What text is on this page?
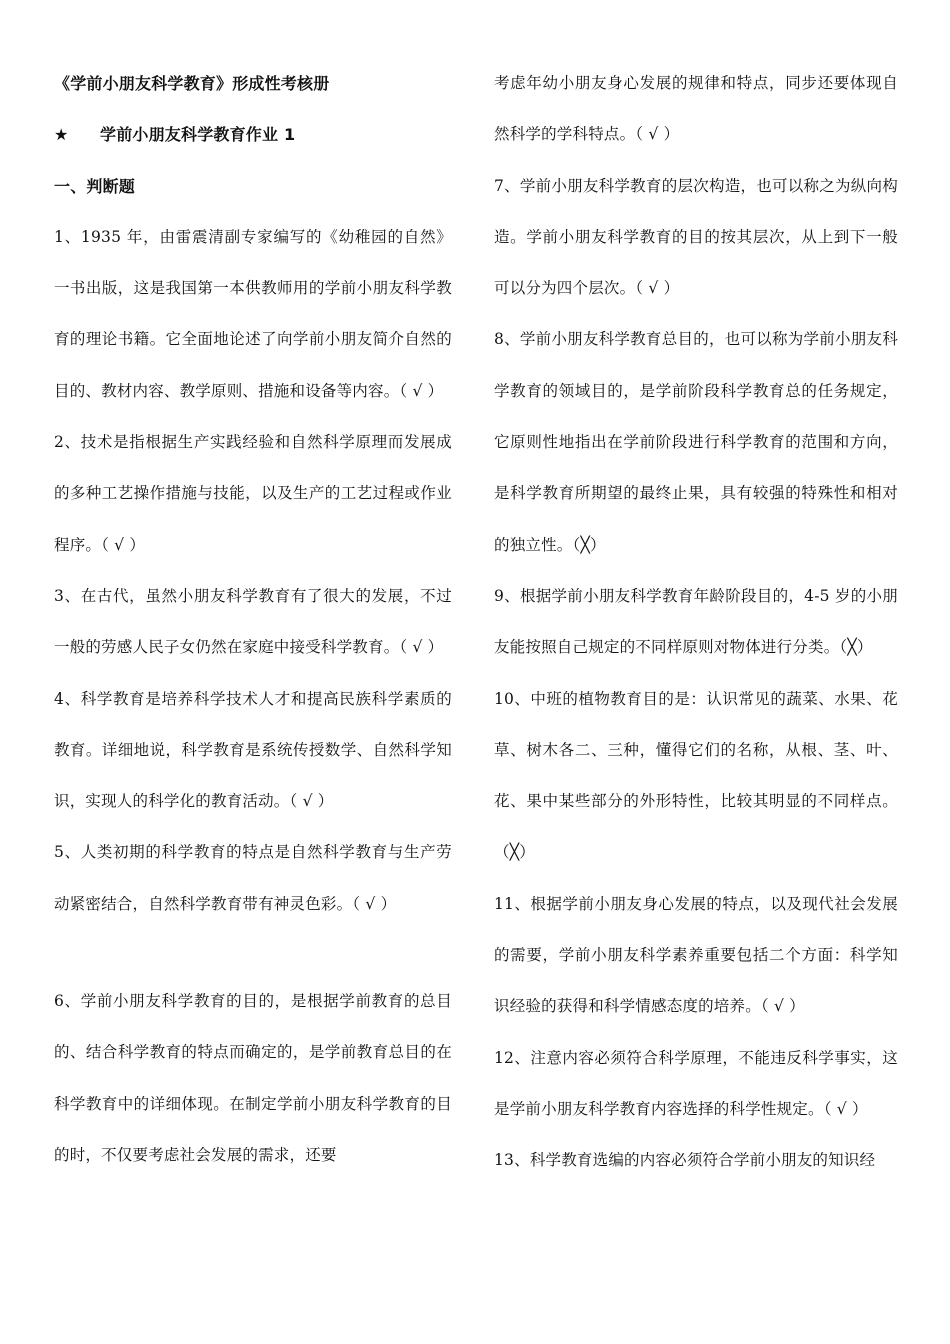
《学前小朋友科学教育》形成性考核册

★ 学前小朋友科学教育作业 1

一、判断题

1、1935 年，由雷震清副专家编写的《幼稚园的自然》一书出版，这是我国第一本供教师用的学前小朋友科学教育的理论书籍。它全面地论述了向学前小朋友简介自然的目的、教材内容、教学原则、措施和设备等内容。（ √ ）

2、技术是指根据生产实践经验和自然科学原理而发展成的多种工艺操作措施与技能，以及生产的工艺过程或作业程序。（ √ ）

3、在古代，虽然小朋友科学教育有了很大的发展，不过一般的劳感人民子女仍然在家庭中接受科学教育。（ √ ）

4、科学教育是培养科学技术人才和提高民族科学素质的教育。详细地说，科学教育是系统传授数学、自然科学知识，实现人的科学化的教育活动。（ √ ）

5、人类初期的科学教育的特点是自然科学教育与生产劳动紧密结合，自然科学教育带有神灵色彩。（ √ ）

6、学前小朋友科学教育的目的，是根据学前教育的总目的、结合科学教育的特点而确定的，是学前教育总目的在科学教育中的详细体现。在制定学前小朋友科学教育的目的时，不仅要考虑社会发展的需求，还要

考虑年幼小朋友身心发展的规律和特点，同步还要体现自然科学的学科特点。（ √ ）

7、学前小朋友科学教育的层次构造，也可以称之为纵向构造。学前小朋友科学教育的目的按其层次，从上到下一般可以分为四个层次。（ √ ）

8、学前小朋友科学教育总目的，也可以称为学前小朋友科学教育的领域目的，是学前阶段科学教育总的任务规定，它原则性地指出在学前阶段进行科学教育的范围和方向，是科学教育所期望的最终止果，具有较强的特殊性和相对的独立性。（╳）

9、根据学前小朋友科学教育年龄阶段目的，4-5 岁的小朋友能按照自己规定的不同样原则对物体进行分类。（╳）

10、中班的植物教育目的是：认识常见的蔬菜、水果、花草、树木各二、三种，懂得它们的名称，从根、茎、叶、花、果中某些部分的外形特性，比较其明显的不同样点。（╳）

11、根据学前小朋友身心发展的特点，以及现代社会发展的需要，学前小朋友科学素养重要包括二个方面：科学知识经验的获得和科学情感态度的培养。（ √ ）

12、注意内容必须符合科学原理，不能违反科学事实，这是学前小朋友科学教育内容选择的科学性规定。（ √ ）

13、科学教育选编的内容必须符合学前小朋友的知识经
